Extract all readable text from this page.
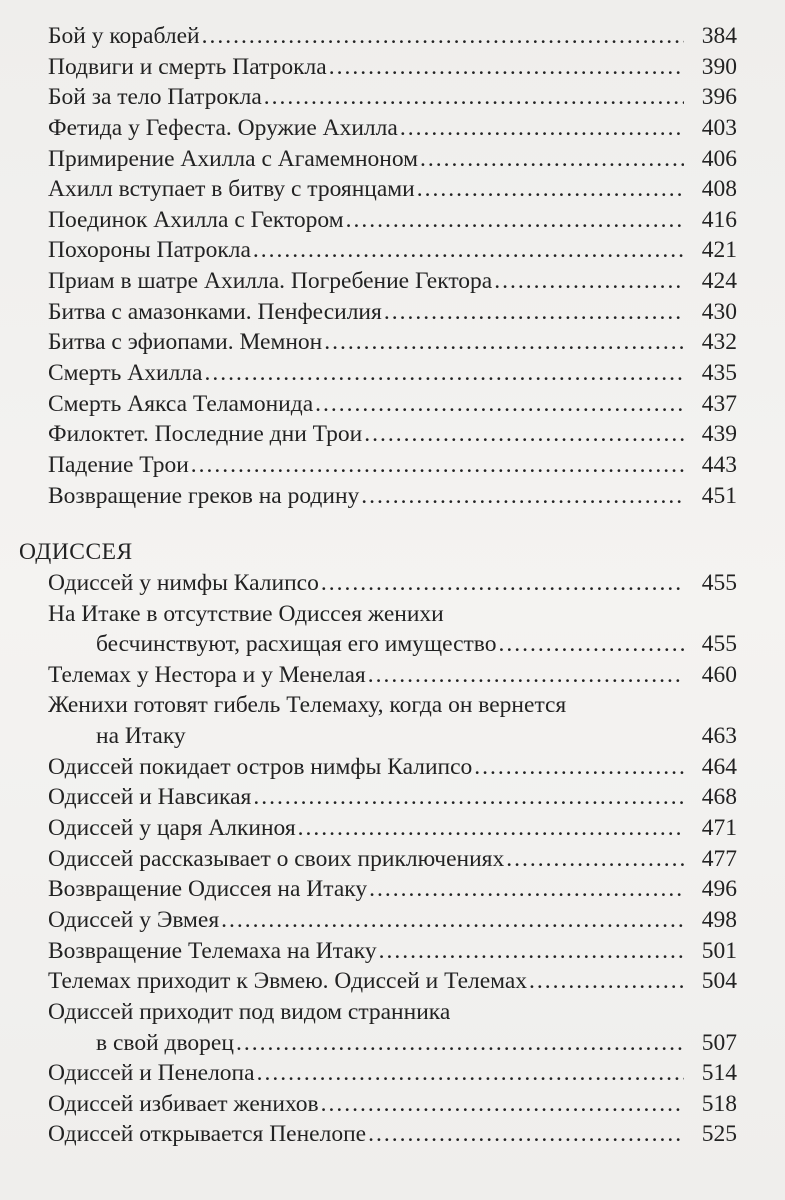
Бой у кораблей .....	384
Подвиги и смерть Патрокла .....	390
Бой за тело Патрокла .....	396
Фетида у Гефеста. Оружие Ахилла .....	403
Примирение Ахилла с Агамемноном .....	406
Ахилл вступает в битву с троянцами .....	408
Поединок Ахилла с Гектором .....	416
Похороны Патрокла .....	421
Приам в шатре Ахилла. Погребение Гектора .....	424
Битва с амазонками. Пенфесилия .....	430
Битва с эфиопами. Мемнон .....	432
Смерть Ахилла .....	435
Смерть Аякса Теламонида .....	437
Филоктет. Последние дни Трои .....	439
Падение Трои .....	443
Возвращение греков на родину .....	451
ОДИССЕЯ
Одиссей у нимфы Калипсо .....	455
На Итаке в отсутствие Одиссея женихи
бесчинствуют, расхищая его имущество .....	455
Телемах у Нестора и у Менелая .....	460
Женихи готовят гибель Телемаху, когда он вернется
на Итаку	463
Одиссей покидает остров нимфы Калипсо .....	464
Одиссей и Навсикая .....	468
Одиссей у царя Алкиноя .....	471
Одиссей рассказывает о своих приключениях .....	477
Возвращение Одиссея на Итаку .....	496
Одиссей у Эвмея .....	498
Возвращение Телемаха на Итаку .....	501
Телемах приходит к Эвмею. Одиссей и Телемах .....	504
Одиссей приходит под видом странника
в свой дворец .....	507
Одиссей и Пенелопа .....	514
Одиссей избивает женихов .....	518
Одиссей открывается Пенелопе .....	525
